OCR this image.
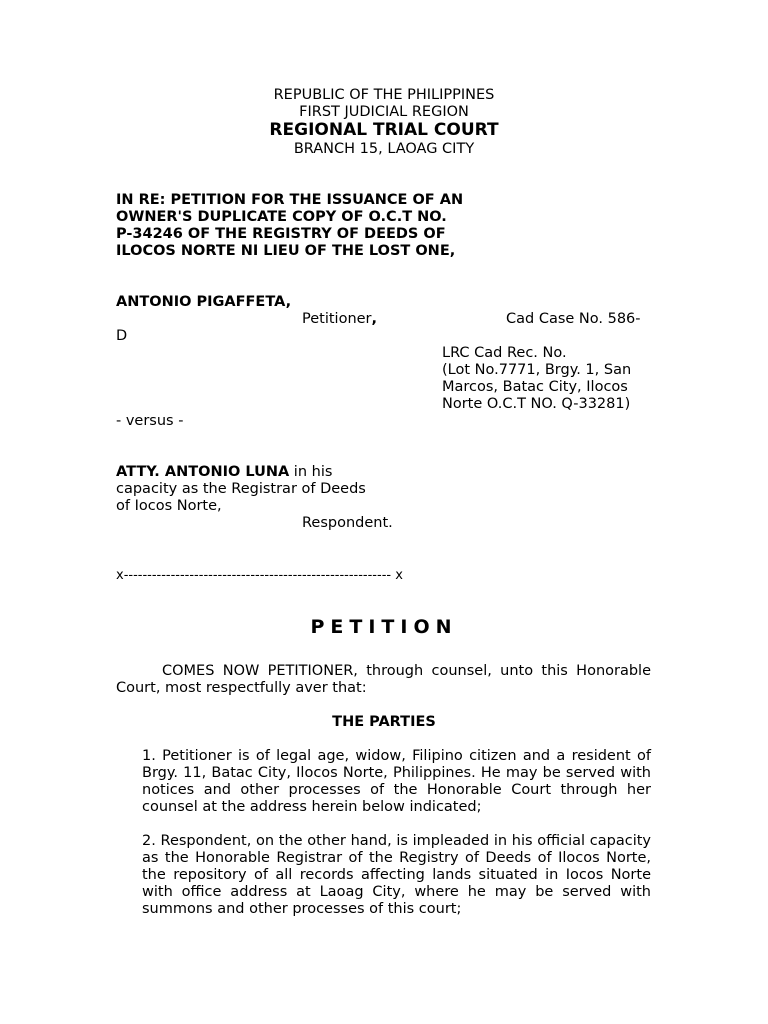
REPUBLIC OF THE PHILIPPINES
FIRST JUDICIAL REGION
REGIONAL TRIAL COURT
BRANCH 15, LAOAG CITY
IN RE: PETITION FOR THE ISSUANCE OF AN
OWNER'S DUPLICATE COPY OF O.C.T NO.
P-34246 OF THE REGISTRY OF DEEDS OF
ILOCOS NORTE NI LIEU OF THE LOST ONE,
ANTONIO PIGAFFETA,
Petitioner,	Cad Case No. 586-
D
LRC Cad Rec. No.
(Lot No.7771, Brgy. 1, San
Marcos, Batac City, Ilocos
Norte O.C.T NO. Q-33281)
- versus -
ATTY. ANTONIO LUNA in his
capacity as the Registrar of Deeds
of Iocos Norte,
Respondent.
x--------------------------------------------------------- x
PETITION

COMES NOW PETITIONER, through counsel, unto this Honorable Court, most respectfully aver that:

THE PARTIES

1. Petitioner is of legal age, widow, Filipino citizen and a resident of Brgy. 11, Batac City, Ilocos Norte, Philippines. He may be served with notices and other processes of the Honorable Court through her counsel at the address herein below indicated;

2. Respondent, on the other hand, is impleaded in his official capacity as the Honorable Registrar of the Registry of Deeds of Ilocos Norte, the repository of all records affecting lands situated in Iocos Norte with office address at Laoag City, where he may be served with summons and other processes of this court;
